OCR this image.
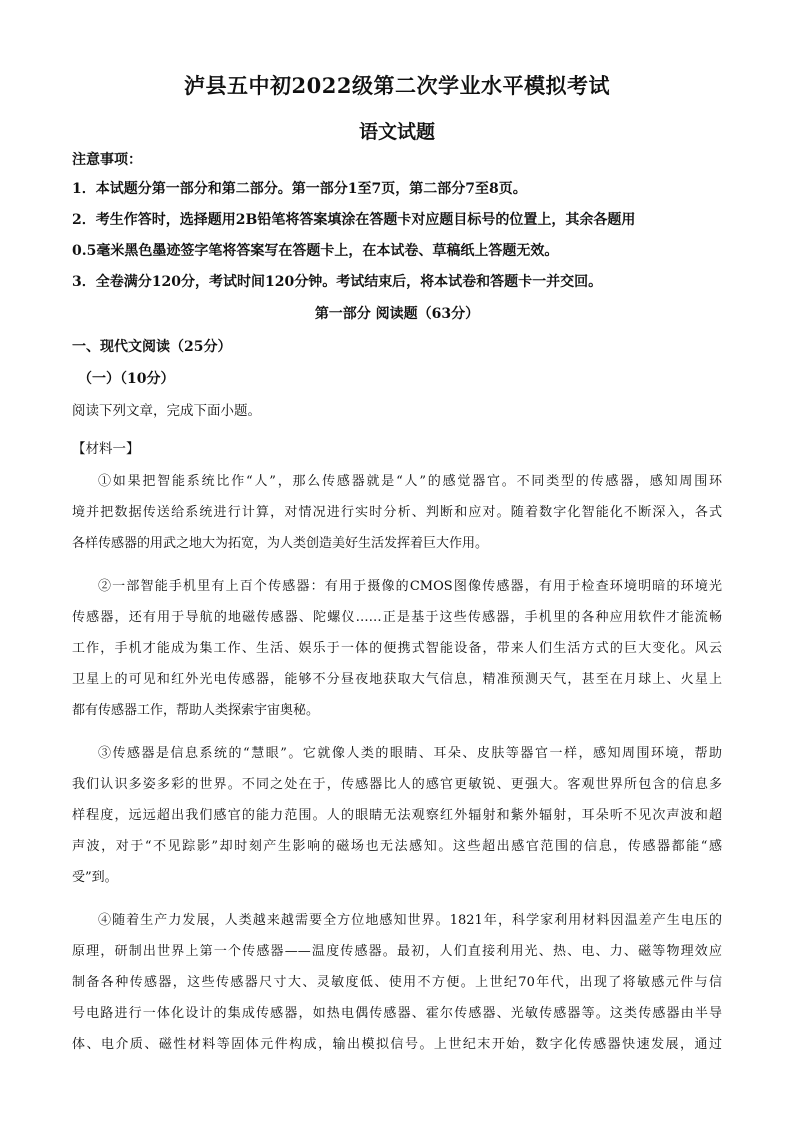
泸县五中初2022级第二次学业水平模拟考试
语文试题
注意事项：
1．本试题分第一部分和第二部分。第一部分1至7页，第二部分7至8页。
2．考生作答时，选择题用2B铅笔将答案填涂在答题卡对应题目标号的位置上，其余各题用
0.5毫米黑色墨迹签字笔将答案写在答题卡上，在本试卷、草稿纸上答题无效。
3．全卷满分120分，考试时间120分钟。考试结束后，将本试卷和答题卡一并交回。
第一部分 阅读题（63分）
一、现代文阅读（25分）
（一）（10分）
阅读下列文章，完成下面小题。
【材料一】
①如果把智能系统比作“人”，那么传感器就是“人”的感觉器官。不同类型的传感器，感知周围环
境并把数据传送给系统进行计算，对情况进行实时分析、判断和应对。随着数字化智能化不断深入，各式
各样传感器的用武之地大为拓宽，为人类创造美好生活发挥着巨大作用。
②一部智能手机里有上百个传感器：有用于摄像的CMOS图像传感器，有用于检查环境明暗的环境光
传感器，还有用于导航的地磁传感器、陀螺仪……正是基于这些传感器，手机里的各种应用软件才能流畅
工作，手机才能成为集工作、生活、娱乐于一体的便携式智能设备，带来人们生活方式的巨大变化。风云
卫星上的可见和红外光电传感器，能够不分昼夜地获取大气信息，精准预测天气，甚至在月球上、火星上
都有传感器工作，帮助人类探索宇宙奥秘。
③传感器是信息系统的“慧眼”。它就像人类的眼睛、耳朵、皮肤等器官一样，感知周围环境，帮助
我们认识多姿多彩的世界。不同之处在于，传感器比人的感官更敏锐、更强大。客观世界所包含的信息多
样程度，远远超出我们感官的能力范围。人的眼睛无法观察红外辐射和紫外辐射，耳朵听不见次声波和超
声波，对于“不见踪影”却时刻产生影响的磁场也无法感知。这些超出感官范围的信息，传感器都能“感
受”到。
④随着生产力发展，人类越来越需要全方位地感知世界。1821年，科学家利用材料因温差产生电压的
原理，研制出世界上第一个传感器——温度传感器。最初，人们直接利用光、热、电、力、磁等物理效应
制备各种传感器，这些传感器尺寸大、灵敏度低、使用不方便。上世纪70年代，出现了将敏感元件与信
号电路进行一体化设计的集成传感器，如热电偶传感器、霍尔传感器、光敏传感器等。这类传感器由半导
体、电介质、磁性材料等固体元件构成，输出模拟信号。上世纪末开始，数字化传感器快速发展，通过
